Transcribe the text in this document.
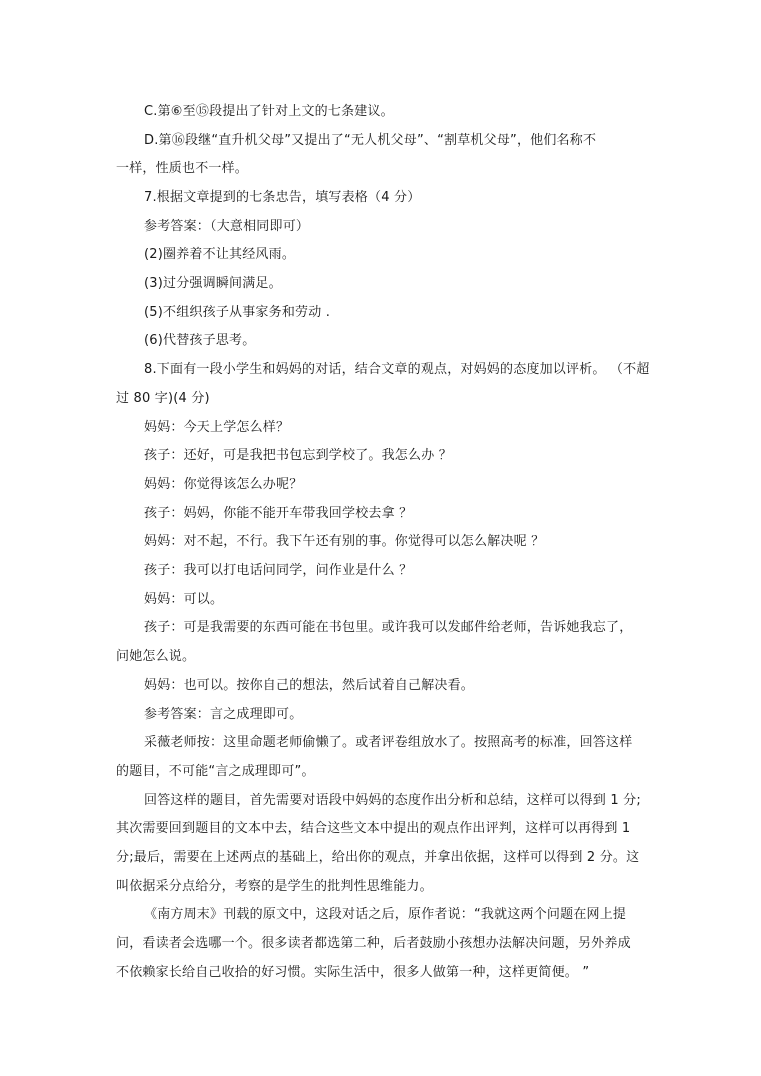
C.第⑥至⑮段提出了针对上文的七条建议。
D.第⑯段继“直升机父母”又提出了“无人机父母”、“割草机父母”，他们名称不
一样，性质也不一样。
7.根据文章提到的七条忠告，填写表格（4 分）
参考答案：（大意相同即可）
(2)圈养着不让其经风雨。
(3)过分强调瞬间满足。
(5)不组织孩子从事家务和劳动 .
(6)代替孩子思考。
8.下面有一段小学生和妈妈的对话，结合文章的观点，对妈妈的态度加以评析。 （不超
过 80 字)(4 分)
妈妈：今天上学怎么样？
孩子：还好，可是我把书包忘到学校了。我怎么办 ？
妈妈：你觉得该怎么办呢？
孩子：妈妈，你能不能开车带我回学校去拿 ？
妈妈：对不起，不行。我下午还有别的事。你觉得可以怎么解决呢 ？
孩子：我可以打电话问同学，问作业是什么 ？
妈妈：可以。
孩子：可是我需要的东西可能在书包里。或许我可以发邮件给老师，告诉她我忘了，
问她怎么说。
妈妈：也可以。按你自己的想法，然后试着自己解决看。
参考答案：言之成理即可。
采薇老师按：这里命题老师偷懒了。或者评卷组放水了。按照高考的标准，回答这样
的题目，不可能“言之成理即可”。
回答这样的题目，首先需要对语段中妈妈的态度作出分析和总结，这样可以得到 1 分;
其次需要回到题目的文本中去，结合这些文本中提出的观点作出评判，这样可以再得到 1
分;最后，需要在上述两点的基础上，给出你的观点，并拿出依据，这样可以得到 2 分。这
叫依据采分点给分，考察的是学生的批判性思维能力。
《南方周末》刊载的原文中，这段对话之后，原作者说：“我就这两个问题在网上提
问，看读者会选哪一个。很多读者都选第二种，后者鼓励小孩想办法解决问题，另外养成
不依赖家长给自己收拾的好习惯。实际生活中，很多人做第一种，这样更简便。 ”
